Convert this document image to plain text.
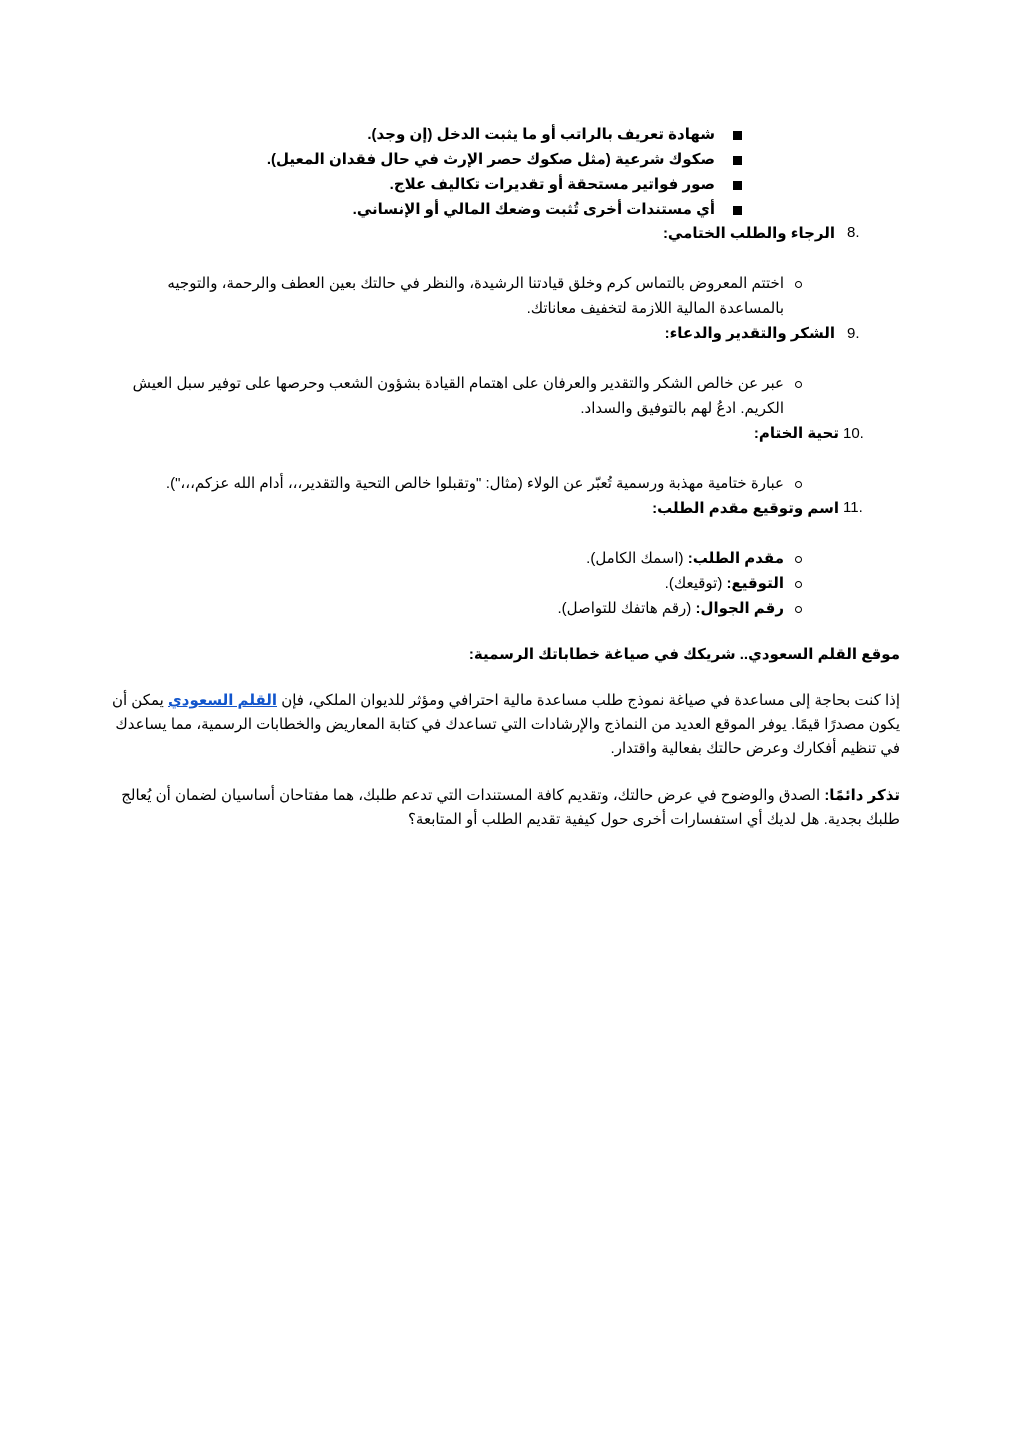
شهادة تعريف بالراتب أو ما يثبت الدخل (إن وجد).
صكوك شرعية (مثل صكوك حصر الإرث في حال فقدان المعيل).
صور فواتير مستحقة أو تقديرات تكاليف علاج.
أي مستندات أخرى تُثبت وضعك المالي أو الإنساني.
8.
الرجاء والطلب الختامي:
اختتم المعروض بالتماس كرم وخلق قيادتنا الرشيدة، والنظر في حالتك بعين العطف والرحمة، والتوجيه
بالمساعدة المالية اللازمة لتخفيف معاناتك.
9.
الشكر والتقدير والدعاء:
عبر عن خالص الشكر والتقدير والعرفان على اهتمام القيادة بشؤون الشعب وحرصها على توفير سبل العيش
الكريم. ادعُ لهم بالتوفيق والسداد.
10.
تحية الختام:
عبارة ختامية مهذبة ورسمية تُعبّر عن الولاء (مثال: "وتقبلوا خالص التحية والتقدير،،، أدام الله عزكم،،،").
11.
اسم وتوقيع مقدم الطلب:
مقدم الطلب: (اسمك الكامل).
التوقيع: (توقيعك).
رقم الجوال: (رقم هاتفك للتواصل).
موقع القلم السعودي.. شريكك في صياغة خطاباتك الرسمية:
إذا كنت بحاجة إلى مساعدة في صياغة نموذج طلب مساعدة مالية احترافي ومؤثر للديوان الملكي، فإن القلم السعودي يمكن أن
يكون مصدرًا قيمًا. يوفر الموقع العديد من النماذج والإرشادات التي تساعدك في كتابة المعاريض والخطابات الرسمية، مما يساعدك
في تنظيم أفكارك وعرض حالتك بفعالية واقتدار.
تذكر دائمًا: الصدق والوضوح في عرض حالتك، وتقديم كافة المستندات التي تدعم طلبك، هما مفتاحان أساسيان لضمان أن يُعالج
طلبك بجدية. هل لديك أي استفسارات أخرى حول كيفية تقديم الطلب أو المتابعة؟
